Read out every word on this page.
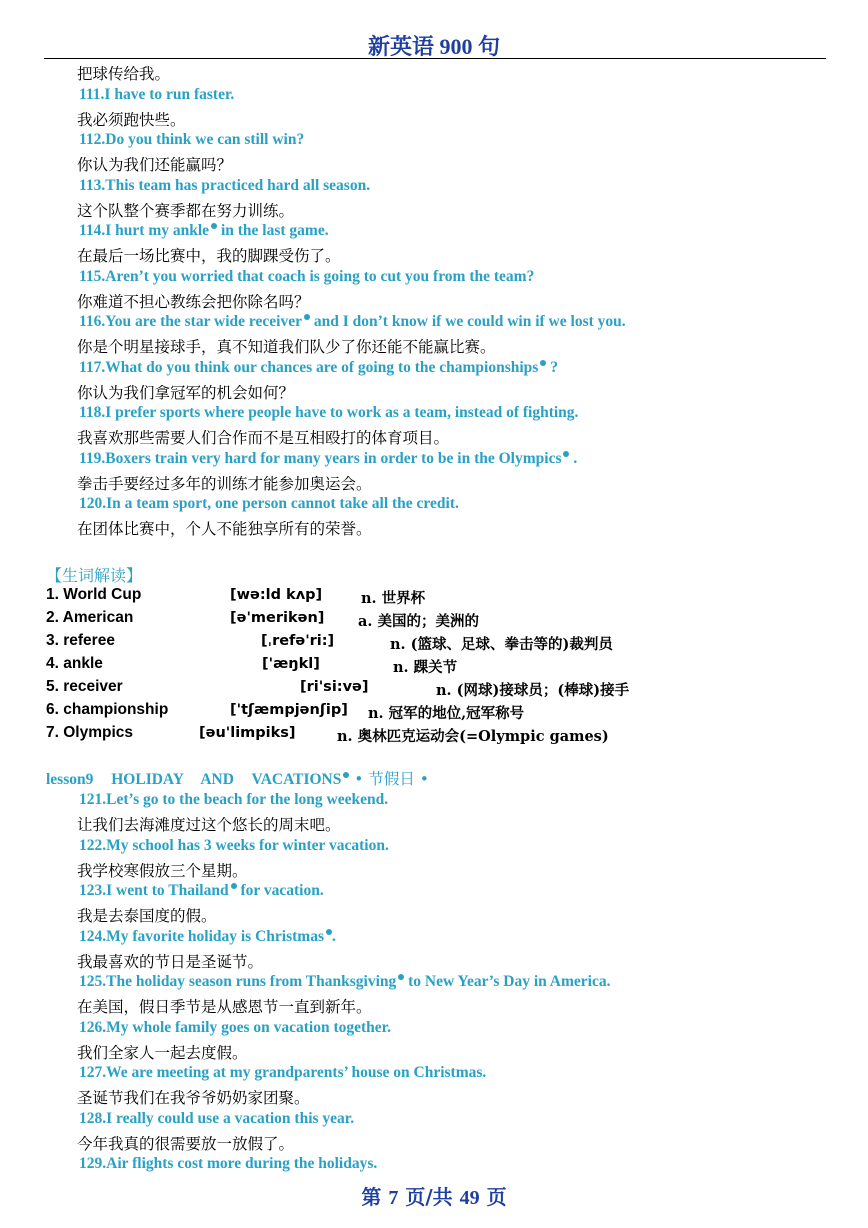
新英语 900 句
把球传给我。
111.I have to run faster.
我必须跑快些。
112.Do you think we can still win?
你认为我们还能赢吗？
113.This team has practiced hard all season.
这个队整个赛季都在努力训练。
114.I hurt my ankle in the last game.
在最后一场比赛中，我的脚踝受伤了。
115.Aren’t you worried that coach is going to cut you from the team?
你难道不担心教练会把你除名吗？
116.You are the star wide receiver and I don’t know if we could win if we lost you.
你是个明星接球手，真不知道我们队少了你还能不能赢比赛。
117.What do you think our chances are of going to the championships ?
你认为我们拿冠军的机会如何？
118.I prefer sports where people have to work as a team, instead of fighting.
我喜欢那些需要人们合作而不是互相殴打的体育项目。
119.Boxers train very hard for many years in order to be in the Olympics .
拳击手要经过多年的训练才能参加奥运会。
120.In a team sport, one person cannot take all the credit.
在团体比赛中，个人不能独享所有的荣誉。
【生词解读】
1. World Cup	[wə:ld kʌp]	n. 世界杯
2. American	[ə'merikən] a. 美国的；美洲的
3. referee	[ˌrefə'ri:]	n. (篮球、足球、拳击等的)裁判员
4. ankle	['æŋkl]	n. 踝关节
5. receiver	[ri'si:və]	n. (网球)接球员；(棒球)接手
6. championship	['tʃæmpjənʃip] n. 冠军的地位,冠军称号
7. Olympics	[əu'limpiks]	n. 奥林匹克运动会(=Olympic games)
lesson9 HOLIDAY AND VACATIONS • 节假日 •
121.Let’s go to the beach for the long weekend.
让我们去海滩度过这个悠长的周末吧。
122.My school has 3 weeks for winter vacation.
我学校寒假放三个星期。
123.I went to Thailand for vacation.
我是去泰国度的假。
124.My favorite holiday is Christmas .
我最喜欢的节日是圣诞节。
125.The holiday season runs from Thanksgiving to New Year’s Day in America.
在美国，假日季节是从感恩节一直到新年。
126.My whole family goes on vacation together.
我们全家人一起去度假。
127.We are meeting at my grandparents’ house on Christmas.
圣诞节我们在我爷爷奶奶家团聚。
128.I really could use a vacation this year.
今年我真的很需要放一放假了。
129.Air flights cost more during the holidays.
第 7 页/共 49 页
